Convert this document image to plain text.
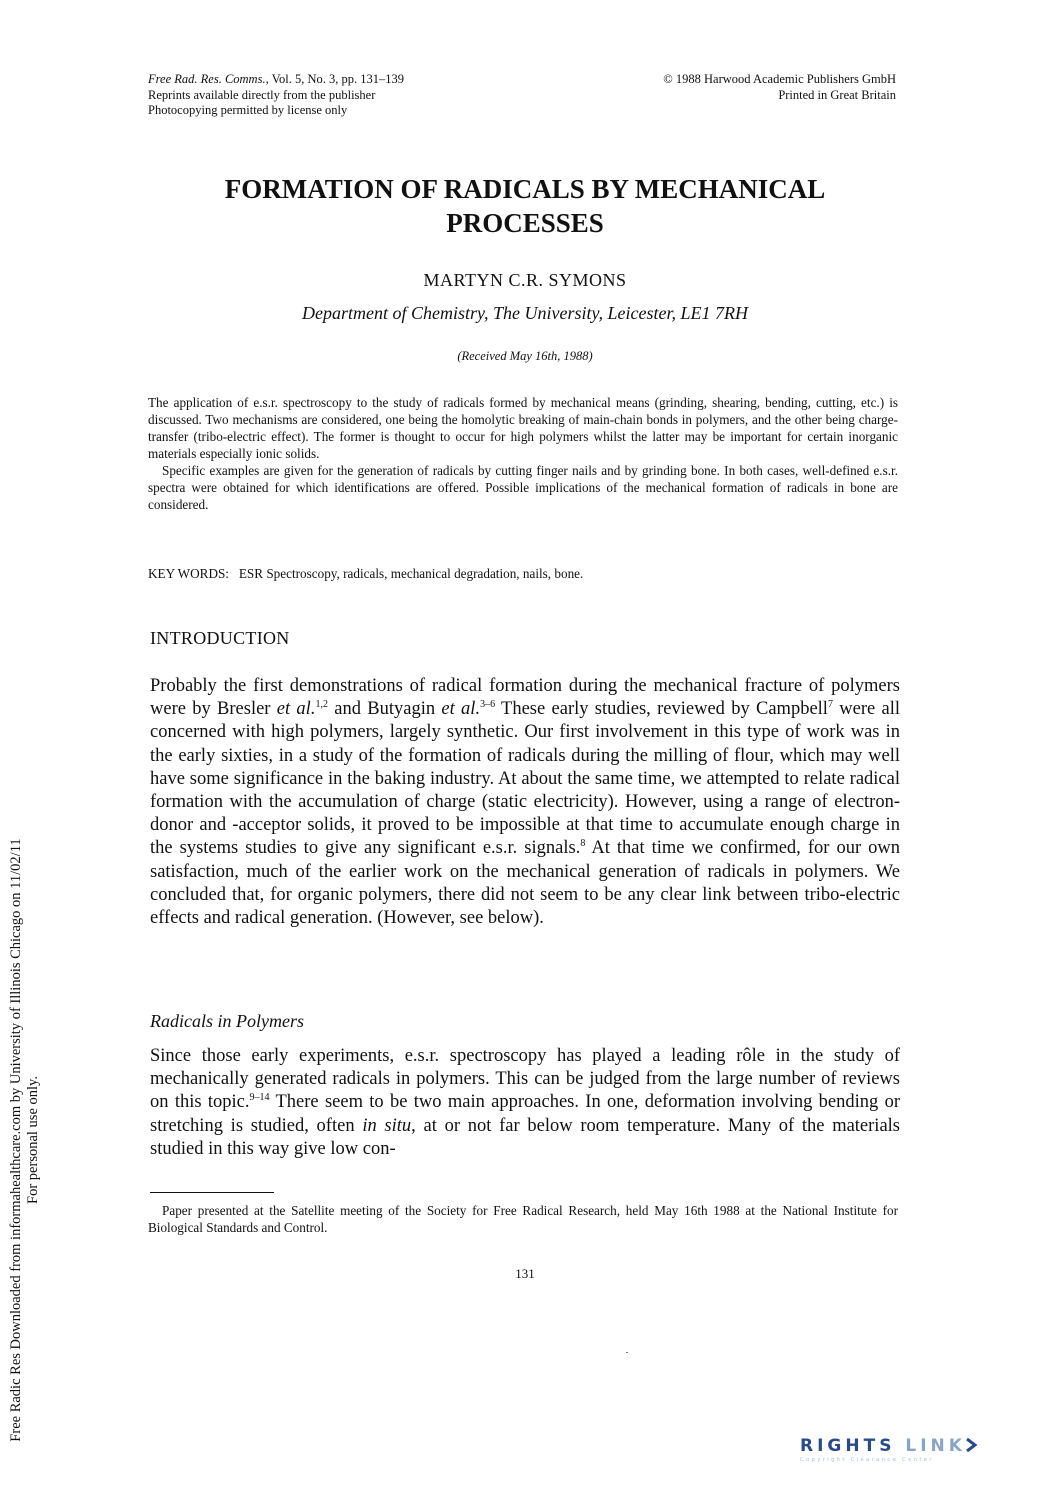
Free Rad. Res. Comms., Vol. 5, No. 3, pp. 131–139
Reprints available directly from the publisher
Photocopying permitted by license only
© 1988 Harwood Academic Publishers GmbH
Printed in Great Britain
FORMATION OF RADICALS BY MECHANICAL
PROCESSES
MARTYN C.R. SYMONS
Department of Chemistry, The University, Leicester, LE1 7RH
(Received May 16th, 1988)

The application of e.s.r. spectroscopy to the study of radicals formed by mechanical means (grinding, shearing, bending, cutting, etc.) is discussed. Two mechanisms are considered, one being the homolytic breaking of main-chain bonds in polymers, and the other being charge-transfer (tribo-electric effect). The former is thought to occur for high polymers whilst the latter may be important for certain inorganic materials especially ionic solids.

Specific examples are given for the generation of radicals by cutting finger nails and by grinding bone. In both cases, well-defined e.s.r. spectra were obtained for which identifications are offered. Possible implications of the mechanical formation of radicals in bone are considered.

KEY WORDS: ESR Spectroscopy, radicals, mechanical degradation, nails, bone.
INTRODUCTION

Probably the first demonstrations of radical formation during the mechanical fracture of polymers were by Bresler et al.$^{1,2}$ and Butyagin et al.$^{3-6}$ These early studies, reviewed by Campbell$^7$ were all concerned with high polymers, largely synthetic. Our first involvement in this type of work was in the early sixties, in a study of the formation of radicals during the milling of flour, which may well have some significance in the baking industry. At about the same time, we attempted to relate radical formation with the accumulation of charge (static electricity). However, using a range of electron-donor and -acceptor solids, it proved to be impossible at that time to accumulate enough charge in the systems studies to give any significant e.s.r. signals.$^8$ At that time we confirmed, for our own satisfaction, much of the earlier work on the mechanical generation of radicals in polymers. We concluded that, for organic polymers, there did not seem to be any clear link between tribo-electric effects and radical generation. (However, see below).

Radicals in Polymers

Since those early experiments, e.s.r. spectroscopy has played a leading rôle in the study of mechanically generated radicals in polymers. This can be judged from the large number of reviews on this topic.$^{9-14}$ There seem to be two main approaches. In one, deformation involving bending or stretching is studied, often in situ, at or not far below room temperature. Many of the materials studied in this way give low con-

Paper presented at the Satellite meeting of the Society for Free Radical Research, held May 16th 1988 at the National Institute for Biological Standards and Control.
131
Free Radic Res Downloaded from informahealthcare.com by University of Illinois Chicago on 11/02/11 For personal use only.
RIGHTS LINK
Copyright Clearance Center
